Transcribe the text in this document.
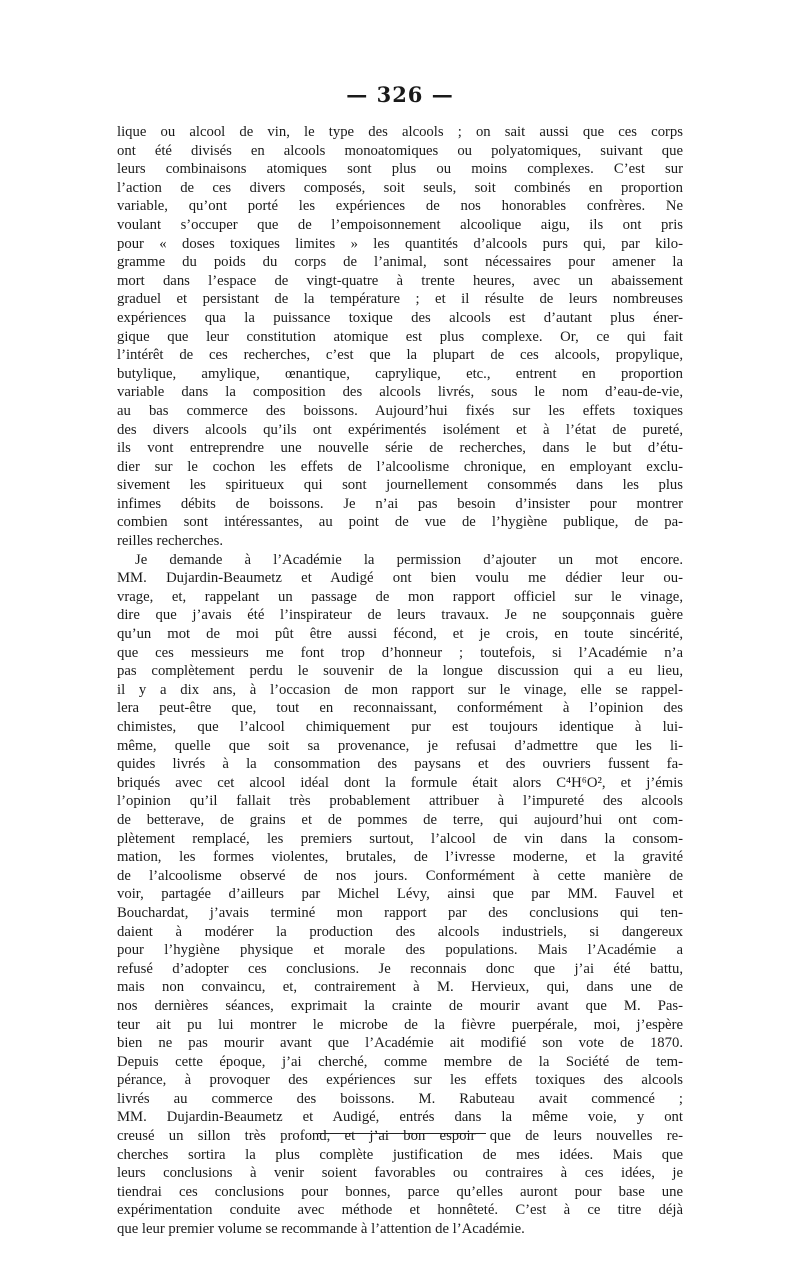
— 326 —
lique ou alcool de vin, le type des alcools ; on sait aussi que ces corps
ont été divisés en alcools monoatomiques ou polyatomiques, suivant que
leurs combinaisons atomiques sont plus ou moins complexes. C’est sur
l’action de ces divers composés, soit seuls, soit combinés en proportion
variable, qu’ont porté les expériences de nos honorables confrères. Ne
voulant s’occuper que de l’empoisonnement alcoolique aigu, ils ont pris
pour « doses toxiques limites » les quantités d’alcools purs qui, par kilo-
gramme du poids du corps de l’animal, sont nécessaires pour amener la
mort dans l’espace de vingt-quatre à trente heures, avec un abaissement
graduel et persistant de la température ; et il résulte de leurs nombreuses
expériences qua la puissance toxique des alcools est d’autant plus éner-
gique que leur constitution atomique est plus complexe. Or, ce qui fait
l’intérêt de ces recherches, c’est que la plupart de ces alcools, propylique,
butylique, amylique, œnantique, caprylique, etc., entrent en proportion
variable dans la composition des alcools livrés, sous le nom d’eau-de-vie,
au bas commerce des boissons. Aujourd’hui fixés sur les effets toxiques
des divers alcools qu’ils ont expérimentés isolément et à l’état de pureté,
ils vont entreprendre une nouvelle série de recherches, dans le but d’étu-
dier sur le cochon les effets de l’alcoolisme chronique, en employant exclu-
sivement les spiritueux qui sont journellement consommés dans les plus
infimes débits de boissons. Je n’ai pas besoin d’insister pour montrer
combien sont intéressantes, au point de vue de l’hygiène publique, de pa-
reilles recherches.
Je demande à l’Académie la permission d’ajouter un mot encore.
MM. Dujardin-Beaumetz et Audigé ont bien voulu me dédier leur ou-
vrage, et, rappelant un passage de mon rapport officiel sur le vinage,
dire que j’avais été l’inspirateur de leurs travaux. Je ne soupçonnais guère
qu’un mot de moi pût être aussi fécond, et je crois, en toute sincérité,
que ces messieurs me font trop d’honneur ; toutefois, si l’Académie n’a
pas complètement perdu le souvenir de la longue discussion qui a eu lieu,
il y a dix ans, à l’occasion de mon rapport sur le vinage, elle se rappel-
lera peut-être que, tout en reconnaissant, conformément à l’opinion des
chimistes, que l’alcool chimiquement pur est toujours identique à lui-
même, quelle que soit sa provenance, je refusai d’admettre que les li-
quides livrés à la consommation des paysans et des ouvriers fussent fa-
briqués avec cet alcool idéal dont la formule était alors C⁴H⁶O², et j’émis
l’opinion qu’il fallait très probablement attribuer à l’impureté des alcools
de betterave, de grains et de pommes de terre, qui aujourd’hui ont com-
plètement remplacé, les premiers surtout, l’alcool de vin dans la consom-
mation, les formes violentes, brutales, de l’ivresse moderne, et la gravité
de l’alcoolisme observé de nos jours. Conformément à cette manière de
voir, partagée d’ailleurs par Michel Lévy, ainsi que par MM. Fauvel et
Bouchardat, j’avais terminé mon rapport par des conclusions qui ten-
daient à modérer la production des alcools industriels, si dangereux
pour l’hygiène physique et morale des populations. Mais l’Académie a
refusé d’adopter ces conclusions. Je reconnais donc que j’ai été battu,
mais non convaincu, et, contrairement à M. Hervieux, qui, dans une de
nos dernières séances, exprimait la crainte de mourir avant que M. Pas-
teur ait pu lui montrer le microbe de la fièvre puerpérale, moi, j’espère
bien ne pas mourir avant que l’Académie ait modifié son vote de 1870.
Depuis cette époque, j’ai cherché, comme membre de la Société de tem-
pérance, à provoquer des expériences sur les effets toxiques des alcools
livrés au commerce des boissons. M. Rabuteau avait commencé ;
MM. Dujardin-Beaumetz et Audigé, entrés dans la même voie, y ont
creusé un sillon très profond, et j’ai bon espoir que de leurs nouvelles re-
cherches sortira la plus complète justification de mes idées. Mais que
leurs conclusions à venir soient favorables ou contraires à ces idées, je
tiendrai ces conclusions pour bonnes, parce qu’elles auront pour base une
expérimentation conduite avec méthode et honnêteté. C’est à ce titre déjà
que leur premier volume se recommande à l’attention de l’Académie.
